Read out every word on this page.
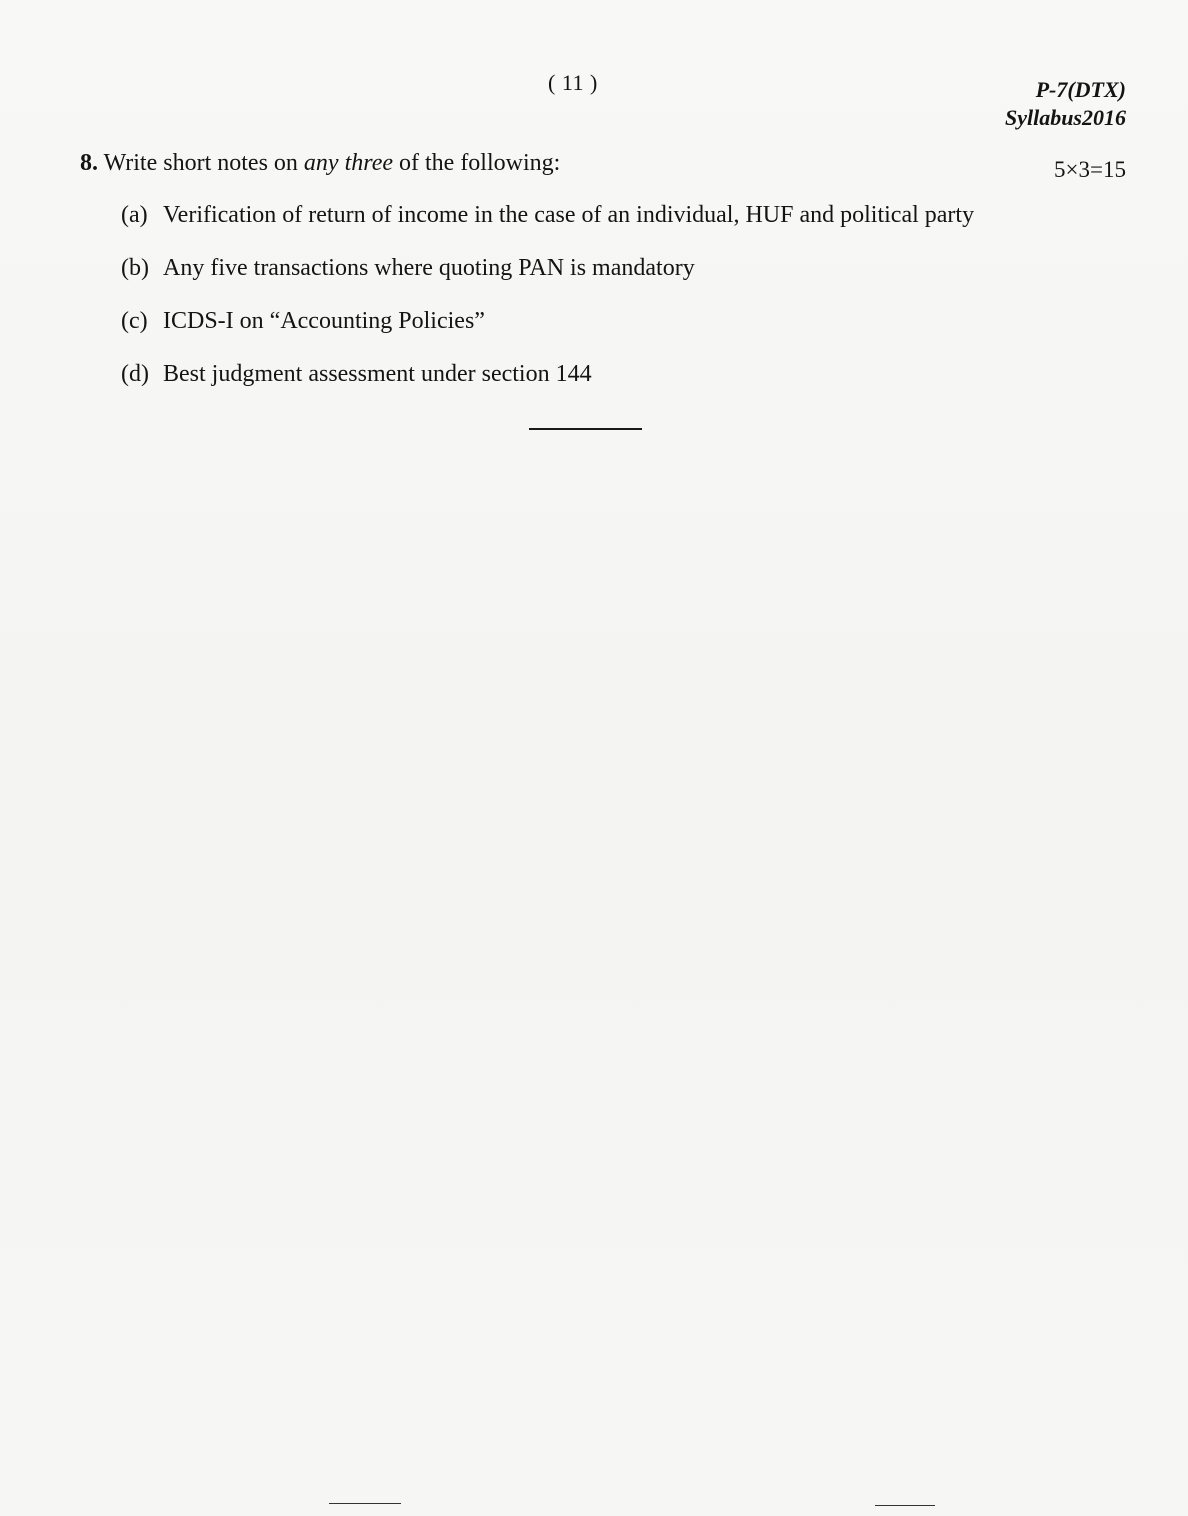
( 11 )	P-7(DTX)
Syllabus2016
8. Write short notes on any three of the following:	5×3=15
(a) Verification of return of income in the case of an individual, HUF and political party
(b) Any five transactions where quoting PAN is mandatory
(c) ICDS-I on “Accounting Policies”
(d) Best judgment assessment under section 144
